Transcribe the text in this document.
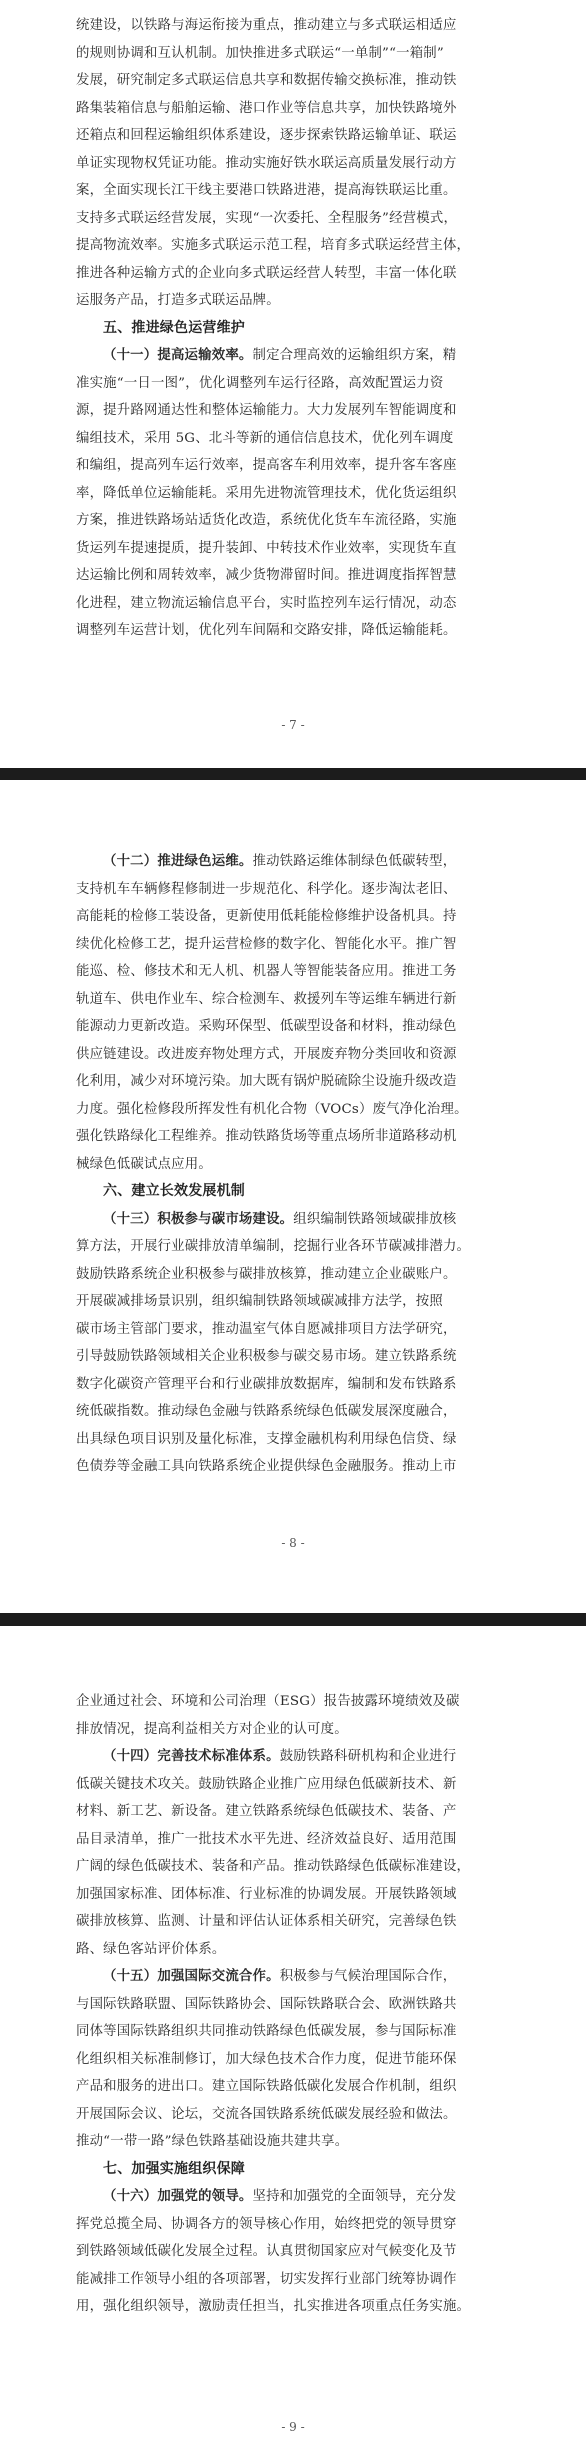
统建设，以铁路与海运衔接为重点，推动建立与多式联运相适应
的规则协调和互认机制。加快推进多式联运“一单制”“一箱制”
发展，研究制定多式联运信息共享和数据传输交换标准，推动铁
路集装箱信息与船舶运输、港口作业等信息共享，加快铁路境外
还箱点和回程运输组织体系建设，逐步探索铁路运输单证、联运
单证实现物权凭证功能。推动实施好铁水联运高质量发展行动方
案，全面实现长江干线主要港口铁路进港，提高海铁联运比重。
支持多式联运经营发展，实现“一次委托、全程服务”经营模式，
提高物流效率。实施多式联运示范工程，培育多式联运经营主体，
推进各种运输方式的企业向多式联运经营人转型，丰富一体化联
运服务产品，打造多式联运品牌。
五、推进绿色运营维护
（十一）提高运输效率。制定合理高效的运输组织方案，精
准实施“一日一图”，优化调整列车运行径路，高效配置运力资
源，提升路网通达性和整体运输能力。大力发展列车智能调度和
编组技术，采用 5G、北斗等新的通信信息技术，优化列车调度
和编组，提高列车运行效率，提高客车利用效率，提升客车客座
率，降低单位运输能耗。采用先进物流管理技术，优化货运组织
方案，推进铁路场站适货化改造，系统优化货车车流径路，实施
货运列车提速提质，提升装卸、中转技术作业效率，实现货车直
达运输比例和周转效率，减少货物滞留时间。推进调度指挥智慧
化进程，建立物流运输信息平台，实时监控列车运行情况，动态
调整列车运营计划，优化列车间隔和交路安排，降低运输能耗。
- 7 -
（十二）推进绿色运维。推动铁路运维体制绿色低碳转型，
支持机车车辆修程修制进一步规范化、科学化。逐步淘汰老旧、
高能耗的检修工装设备，更新使用低耗能检修维护设备机具。持
续优化检修工艺，提升运营检修的数字化、智能化水平。推广智
能巡、检、修技术和无人机、机器人等智能装备应用。推进工务
轨道车、供电作业车、综合检测车、救援列车等运维车辆进行新
能源动力更新改造。采购环保型、低碳型设备和材料，推动绿色
供应链建设。改进废弃物处理方式，开展废弃物分类回收和资源
化利用，减少对环境污染。加大既有锅炉脱硫除尘设施升级改造
力度。强化检修段所挥发性有机化合物（VOCs）废气净化治理。
强化铁路绿化工程维养。推动铁路货场等重点场所非道路移动机
械绿色低碳试点应用。
六、建立长效发展机制
（十三）积极参与碳市场建设。组织编制铁路领域碳排放核
算方法，开展行业碳排放清单编制，挖掘行业各环节碳减排潜力。
鼓励铁路系统企业积极参与碳排放核算，推动建立企业碳账户。
开展碳减排场景识别，组织编制铁路领域碳减排方法学，按照
碳市场主管部门要求，推动温室气体自愿减排项目方法学研究，
引导鼓励铁路领域相关企业积极参与碳交易市场。建立铁路系统
数字化碳资产管理平台和行业碳排放数据库，编制和发布铁路系
统低碳指数。推动绿色金融与铁路系统绿色低碳发展深度融合，
出具绿色项目识别及量化标准，支撑金融机构利用绿色信贷、绿
色债券等金融工具向铁路系统企业提供绿色金融服务。推动上市
- 8 -
企业通过社会、环境和公司治理（ESG）报告披露环境绩效及碳
排放情况，提高利益相关方对企业的认可度。
（十四）完善技术标准体系。鼓励铁路科研机构和企业进行
低碳关键技术攻关。鼓励铁路企业推广应用绿色低碳新技术、新
材料、新工艺、新设备。建立铁路系统绿色低碳技术、装备、产
品目录清单，推广一批技术水平先进、经济效益良好、适用范围
广阔的绿色低碳技术、装备和产品。推动铁路绿色低碳标准建设，
加强国家标准、团体标准、行业标准的协调发展。开展铁路领域
碳排放核算、监测、计量和评估认证体系相关研究，完善绿色铁
路、绿色客站评价体系。
（十五）加强国际交流合作。积极参与气候治理国际合作，
与国际铁路联盟、国际铁路协会、国际铁路联合会、欧洲铁路共
同体等国际铁路组织共同推动铁路绿色低碳发展，参与国际标准
化组织相关标准制修订，加大绿色技术合作力度，促进节能环保
产品和服务的进出口。建立国际铁路低碳化发展合作机制，组织
开展国际会议、论坛，交流各国铁路系统低碳发展经验和做法。
推动“一带一路”绿色铁路基础设施共建共享。
七、加强实施组织保障
（十六）加强党的领导。坚持和加强党的全面领导，充分发
挥党总揽全局、协调各方的领导核心作用，始终把党的领导贯穿
到铁路领域低碳化发展全过程。认真贯彻国家应对气候变化及节
能减排工作领导小组的各项部署，切实发挥行业部门统筹协调作
用，强化组织领导，激励责任担当，扎实推进各项重点任务实施。
- 9 -
